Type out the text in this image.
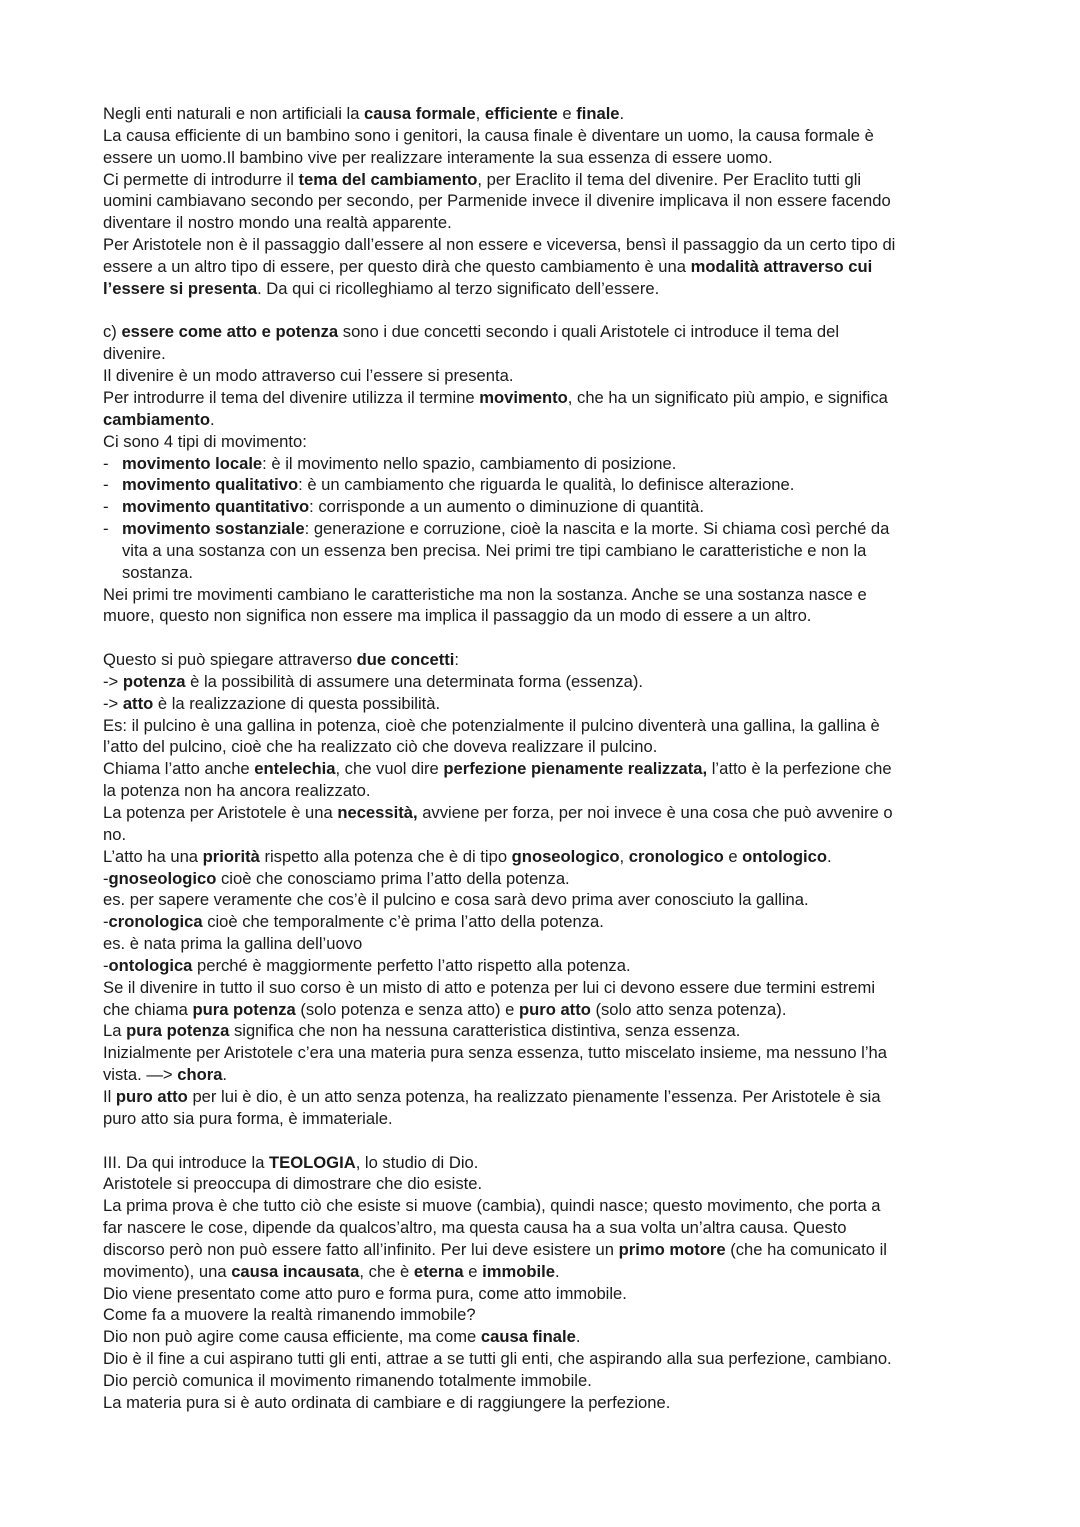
Negli enti naturali e non artificiali la causa formale, efficiente e finale.
La causa efficiente di un bambino sono i genitori, la causa finale è diventare un uomo, la causa formale è
essere un uomo.Il bambino vive per realizzare interamente la sua essenza di essere uomo.
Ci permette di introdurre il tema del cambiamento, per Eraclito il tema del divenire. Per Eraclito tutti gli
uomini cambiavano secondo per secondo, per Parmenide invece il divenire implicava il non essere facendo
diventare il nostro mondo una realtà apparente.
Per Aristotele non è il passaggio dall’essere al non essere e viceversa, bensì il passaggio da un certo tipo di
essere a un altro tipo di essere, per questo dirà che questo cambiamento è una modalità attraverso cui
l’essere si presenta. Da qui ci ricolleghiamo al terzo significato dell’essere.
c) essere come atto e potenza sono i due concetti secondo i quali Aristotele ci introduce il tema del
divenire.
Il divenire è un modo attraverso cui l’essere si presenta.
Per introdurre il tema del divenire utilizza il termine movimento, che ha un significato più ampio, e significa
cambiamento.
Ci sono 4 tipi di movimento:
- movimento locale: è il movimento nello spazio, cambiamento di posizione.
- movimento qualitativo: è un cambiamento che riguarda le qualità, lo definisce alterazione.
- movimento quantitativo: corrisponde a un aumento o diminuzione di quantità.
- movimento sostanziale: generazione e corruzione, cioè la nascita e la morte. Si chiama così perché da
vita a una sostanza con un essenza ben precisa. Nei primi tre tipi cambiano le caratteristiche e non la
sostanza.
Nei primi tre movimenti cambiano le caratteristiche ma non la sostanza. Anche se una sostanza nasce e
muore, questo non significa non essere ma implica il passaggio da un modo di essere a un altro.
Questo si può spiegare attraverso due concetti:
-> potenza è la possibilità di assumere una determinata forma (essenza).
-> atto è la realizzazione di questa possibilità.
Es: il pulcino è una gallina in potenza, cioè che potenzialmente il pulcino diventerà una gallina, la gallina è
l’atto del pulcino, cioè che ha realizzato ciò che doveva realizzare il pulcino.
Chiama l’atto anche entelechia, che vuol dire perfezione pienamente realizzata, l’atto è la perfezione che
la potenza non ha ancora realizzato.
La potenza per Aristotele è una necessità, avviene per forza, per noi invece è una cosa che può avvenire o
no.
L’atto ha una priorità rispetto alla potenza che è di tipo gnoseologico, cronologico e ontologico.
-gnoseologico cioè che conosciamo prima l’atto della potenza.
es. per sapere veramente che cos’è il pulcino e cosa sarà devo prima aver conosciuto la gallina.
-cronologica cioè che temporalmente c’è prima l’atto della potenza.
es. è nata prima la gallina dell’uovo
-ontologica perché è maggiormente perfetto l’atto rispetto alla potenza.
Se il divenire in tutto il suo corso è un misto di atto e potenza per lui ci devono essere due termini estremi
che chiama pura potenza (solo potenza e senza atto) e puro atto (solo atto senza potenza).
La pura potenza significa che non ha nessuna caratteristica distintiva, senza essenza.
Inizialmente per Aristotele c’era una materia pura senza essenza, tutto miscelato insieme, ma nessuno l’ha
vista. —> chora.
Il puro atto per lui è dio, è un atto senza potenza, ha realizzato pienamente l’essenza. Per Aristotele è sia
puro atto sia pura forma, è immateriale.
III. Da qui introduce la TEOLOGIA, lo studio di Dio.
Aristotele si preoccupa di dimostrare che dio esiste.
La prima prova è che tutto ciò che esiste si muove (cambia), quindi nasce; questo movimento, che porta a
far nascere le cose, dipende da qualcos’altro, ma questa causa ha a sua volta un’altra causa. Questo
discorso però non può essere fatto all’infinito. Per lui deve esistere un primo motore (che ha comunicato il
movimento), una causa incausata, che è eterna e immobile.
Dio viene presentato come atto puro e forma pura, come atto immobile.
Come fa a muovere la realtà rimanendo immobile?
Dio non può agire come causa efficiente, ma come causa finale.
Dio è il fine a cui aspirano tutti gli enti, attrae a se tutti gli enti, che aspirando alla sua perfezione, cambiano.
Dio perciò comunica il movimento rimanendo totalmente immobile.
La materia pura si è auto ordinata di cambiare e di raggiungere la perfezione.
